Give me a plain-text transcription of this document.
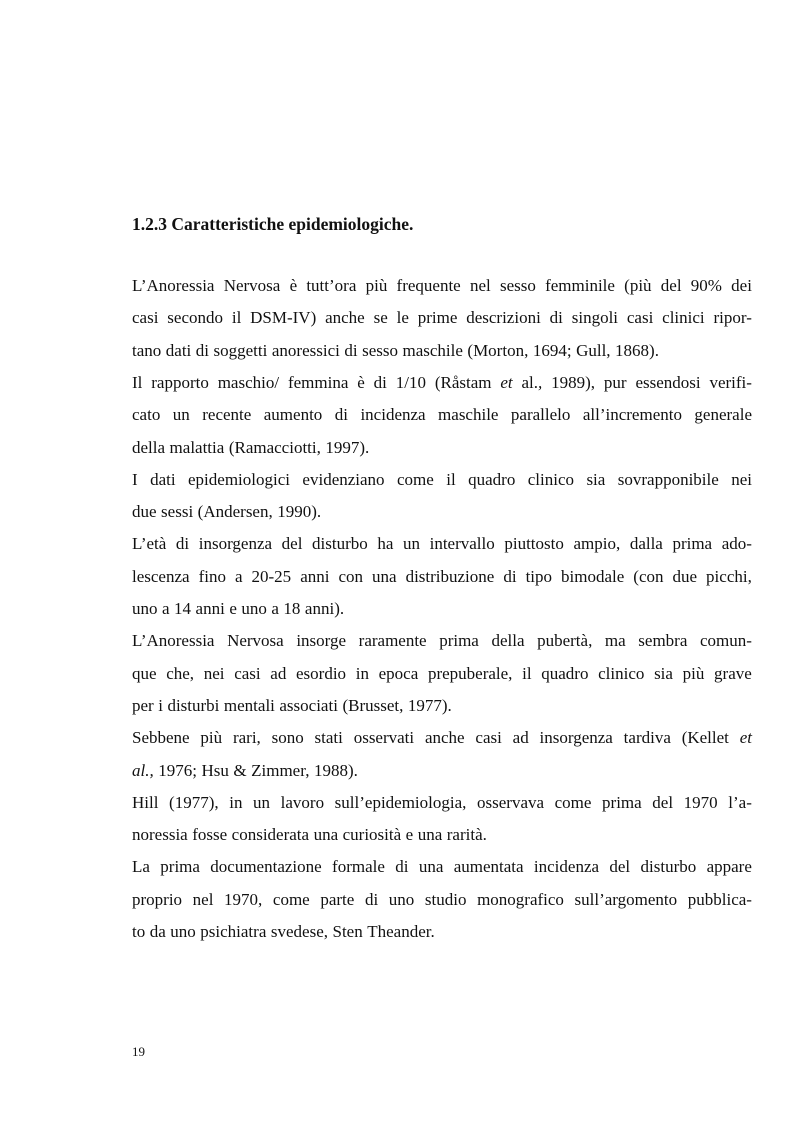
1.2.3 Caratteristiche epidemiologiche.
L’Anoressia Nervosa è tutt’ora più frequente nel sesso femminile (più del 90% dei
casi secondo il DSM-IV) anche se le prime descrizioni di singoli casi clinici ripor-
tano dati di soggetti anoressici di sesso maschile (Morton, 1694; Gull, 1868).
Il rapporto maschio/ femmina è di 1/10 (Råstam et al., 1989), pur essendosi verifi-
cato un recente aumento di incidenza maschile parallelo all’incremento generale
della malattia (Ramacciotti, 1997).
I dati epidemiologici evidenziano come il quadro clinico sia sovrapponibile nei
due sessi (Andersen, 1990).
L’età di insorgenza del disturbo ha un intervallo piuttosto ampio, dalla prima ado-
lescenza fino a 20-25 anni con una distribuzione di tipo bimodale (con due picchi,
uno a 14 anni e uno a 18 anni).
L’Anoressia Nervosa insorge raramente prima della pubertà, ma sembra comun-
que che, nei casi ad esordio in epoca prepuberale, il quadro clinico sia più grave
per i disturbi mentali associati (Brusset, 1977).
Sebbene più rari, sono stati osservati anche casi ad insorgenza tardiva (Kellet et
al., 1976; Hsu & Zimmer, 1988).
Hill (1977), in un lavoro sull’epidemiologia, osservava come prima del 1970 l’a-
noressia fosse considerata una curiosità e una rarità.
La prima documentazione formale di una aumentata incidenza del disturbo appare
proprio nel 1970, come parte di uno studio monografico sull’argomento pubblica-
to da uno psichiatra svedese, Sten Theander.
19
